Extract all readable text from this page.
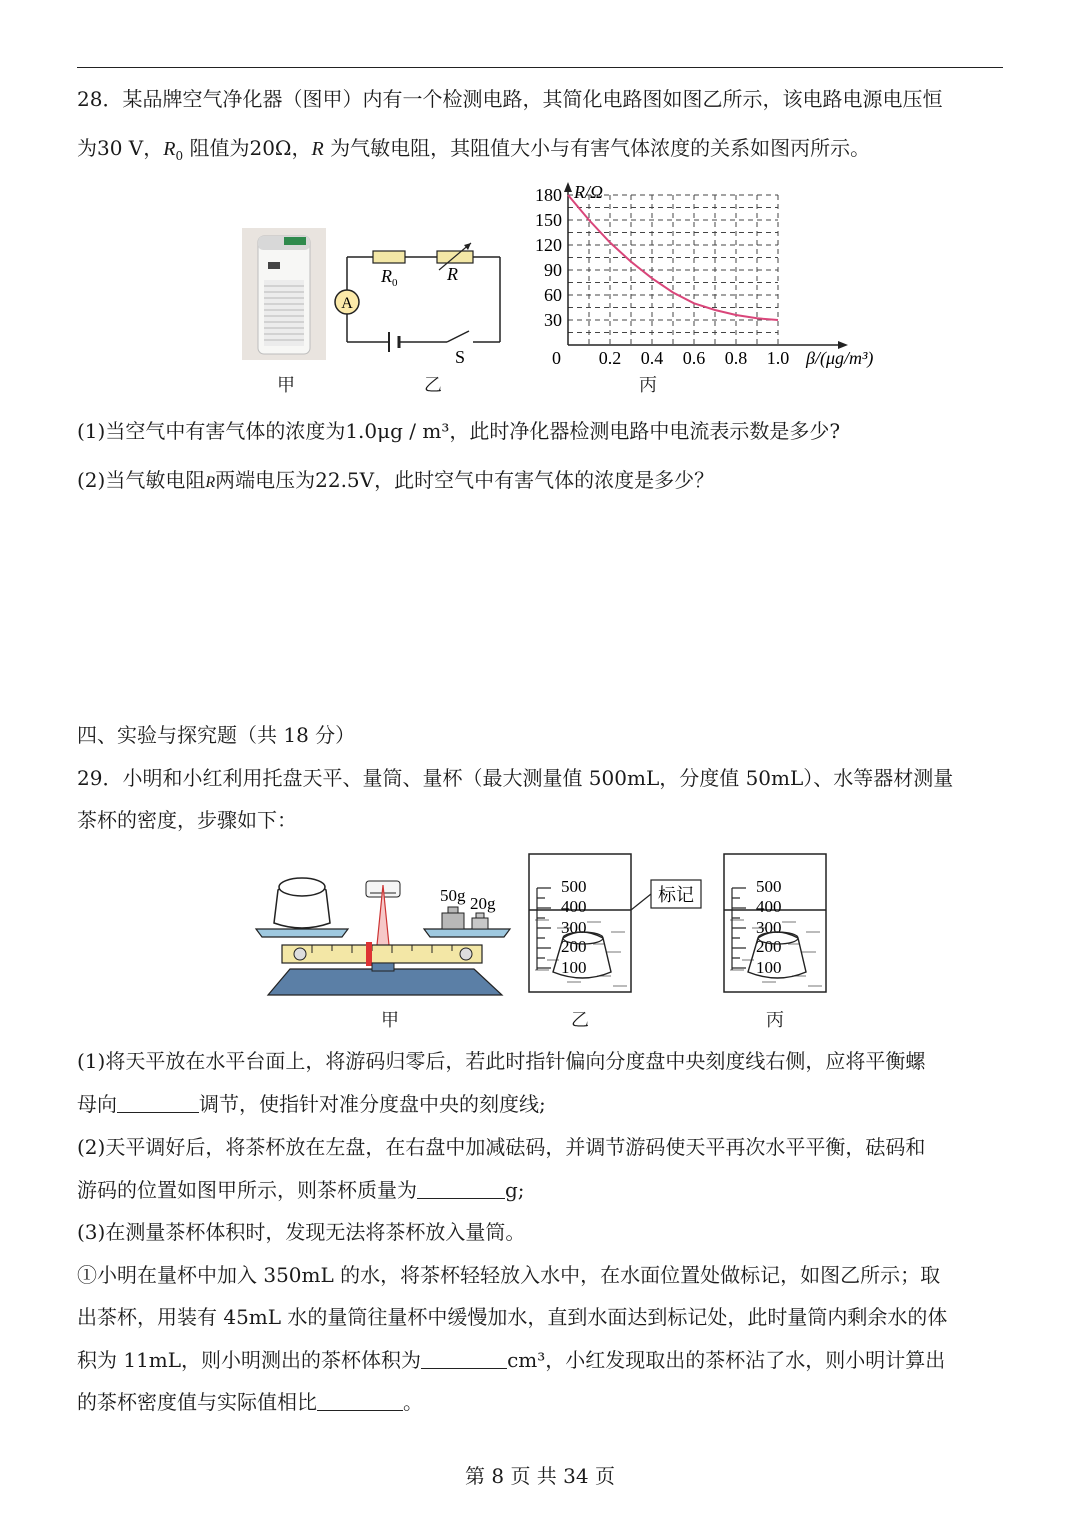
28．某品牌空气净化器（图甲）内有一个检测电路，其简化电路图如图乙所示，该电路电源电压恒
为30 V，$R_0$ 阻值为20Ω，R 为气敏电阻，其阻值大小与有害气体浓度的关系如图丙所示。
A
$R_0$	R
S
30
60
90
120
150
180
0 0.2 0.4 0.6 0.8 1.0
R/Ω
β/(μg/m³)
甲	乙	丙
(1)当空气中有害气体的浓度为1.0μg / m³，此时净化器检测电路中电流表示数是多少?
(2)当气敏电阻R两端电压为22.5V，此时空气中有害气体的浓度是多少？
四、实验与探究题（共 18 分）
29．小明和小红利用托盘天平、量筒、量杯（最大测量值 500mL，分度值 50mL）、水等器材测量
茶杯的密度，步骤如下：
50g 20g
500
400
300
200
100
标记	500
400
300
200
100
甲	乙	丙
(1)将天平放在水平台面上，将游码归零后，若此时指针偏向分度盘中央刻度线右侧，应将平衡螺
母向	调节，使指针对准分度盘中央的刻度线;
(2)天平调好后，将茶杯放在左盘，在右盘中加减砝码，并调节游码使天平再次水平平衡，砝码和
游码的位置如图甲所示，则茶杯质量为	g;
(3)在测量茶杯体积时，发现无法将茶杯放入量筒。
①小明在量杯中加入 350mL 的水，将茶杯轻轻放入水中，在水面位置处做标记，如图乙所示；取
出茶杯，用装有 45mL 水的量筒往量杯中缓慢加水，直到水面达到标记处，此时量筒内剩余水的体
积为 11mL，则小明测出的茶杯体积为	cm³，小红发现取出的茶杯沾了水，则小明计算出
的茶杯密度值与实际值相比	。
第 8 页 共 34 页
